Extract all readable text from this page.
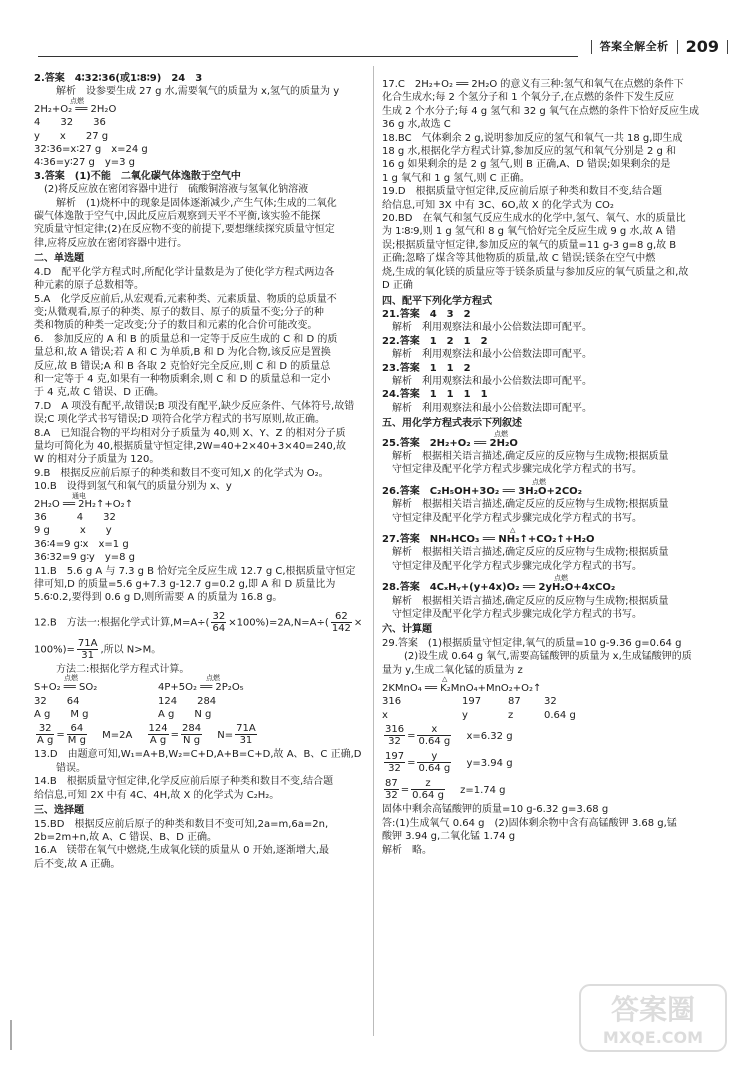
答案全解全析 209
2.答案　4∶32∶36(或1∶8∶9)　24　3
解析　设参要生成 27 g 水,需要氧气的质量为 x,氢气的质量为 y
2H₂+O₂ ══ 2H₂O
点燃
4　　32　　36
y　　x　　27 g
32∶36=x∶27 g　x=24 g
4∶36=y∶27 g　y=3 g
3.答案　(1)不能　二氧化碳气体逸散于空气中
(2)将反应放在密闭容器中进行　硫酸铜溶液与氢氧化钠溶液
解析　(1)烧杯中的现象是固体逐渐减少,产生气体;生成的二氧化
碳气体逸散于空气中,因此反应后观察到天平不平衡,该实验不能探
究质量守恒定律;(2)在反应物不变的前提下,要想继续探究质量守恒定
律,应将反应放在密闭容器中进行。
二、单选题
4.D　配平化学方程式时,所配化学计量数是为了使化学方程式两边各
种元素的原子总数相等。
5.A　化学反应前后,从宏观看,元素种类、元素质量、物质的总质量不
变;从微观看,原子的种类、原子的数目、原子的质量不变;分子的种
类和物质的种类一定改变;分子的数目和元素的化合价可能改变。
6.　参加反应的 A 和 B 的质量总和一定等于反应生成的 C 和 D 的质
量总和,故 A 错误;若 A 和 C 为单质,B 和 D 为化合物,该反应是置换
反应,故 B 错误;A 和 B 各取 2 克恰好完全反应,则 C 和 D 的质量总
和一定等于 4 克,如果有一种物质剩余,则 C 和 D 的质量总和一定小
于 4 克,故 C 错误、D 正确。
7.D　A 项没有配平,故错误;B 项没有配平,缺少反应条件、气体符号,故错
误;C 项化学式书写错误;D 项符合化学方程式的书写原则,故正确。
8.A　已知混合物的平均相对分子质量为 40,则 X、Y、Z 的相对分子质
量均可简化为 40,根据质量守恒定律,2W=40+2×40+3×40=240,故
W 的相对分子质量为 120。
9.B　根据反应前后原子的种类和数目不变可知,X 的化学式为 O₂。
10.B　设得到氢气和氧气的质量分别为 x、y
2H₂O ══ 2H₂↑+O₂↑
通电
36　　　4　　32
9 g　　　x　　y
36∶4=9 g∶x　x=1 g
36∶32=9 g∶y　y=8 g
11.B　5.6 g A 与 7.3 g B 恰好完全反应生成 12.7 g C,根据质量守恒定
律可知,D 的质量=5.6 g+7.3 g-12.7 g=0.2 g,即 A 和 D 质量比为
5.6∶0.2,要得到 0.6 g D,则所需要 A 的质量为 16.8 g。
12.B　方法一:根据化学式计算$,M=A\div( \frac{32}{64} \times 100\%)=2A,N=A\div( \frac{62}{142}$ ×
$100\%)= \frac{71A}{31}$ ,所以 N>M。
方法二:根据化学方程式计算。
S+O₂ ══ SO₂
点燃
4P+5O₂ ══ 2P₂O₅
点燃
32　　64	124　　284
A g　　M g	A g　　N g
$\frac{32}{\text{A g}} = \frac{64}{\text{M g}} M=2A \frac{124}{\text{A g}} = \frac{284}{\text{N g}} N= \frac{71A}{31}$
13.D　由题意可知,W₁=A+B,W₂=C+D,A+B=C+D,故 A、B、C 正确,D
错误。
14.B　根据质量守恒定律,化学反应前后原子种类和数目不变,结合题
给信息,可知 2X 中有 4C、4H,故 X 的化学式为 C₂H₂。
三、选择题
15.BD　根据反应前后原子的种类和数目不变可知,2a=m,6a=2n,
2b=2m+n,故 A、C 错误、B、D 正确。
16.A　镁带在氧气中燃烧,生成氧化镁的质量从 0 开始,逐渐增大,最
后不变,故 A 正确。
17.C　2H₂+O₂ ══ 2H₂O 的意义有三种:氢气和氧气在点燃的条件下
化合生成水;每 2 个氢分子和 1 个氧分子,在点燃的条件下发生反应
生成 2 个水分子;每 4 g 氢气和 32 g 氧气在点燃的条件下恰好反应生成
36 g 水,故选 C
18.BC　气体剩余 2 g,说明参加反应的氢气和氧气一共 18 g,即生成
18 g 水,根据化学方程式计算,参加反应的氢气和氧气分别是 2 g 和
16 g 如果剩余的是 2 g 氢气,则 B 正确,A、D 错误;如果剩余的是
1 g 氧气和 1 g 氢气,则 C 正确。
19.D　根据质量守恒定律,反应前后原子种类和数目不变,结合题
给信息,可知 3X 中有 3C、6O,故 X 的化学式为 CO₂
20.BD　在氧气和氢气反应生成水的化学中,氢气、氧气、水的质量比
为 1∶8∶9,则 1 g 氢气和 8 g 氧气恰好完全反应生成 9 g 水,故 A 错
误;根据质量守恒定律,参加反应的氧气的质量=11 g-3 g=8 g,故 B
正确;忽略了煤含等其他物质的质量,故 C 错误;镁条在空气中燃
烧,生成的氧化镁的质量应等于镁条质量与参加反应的氧气质量之和,故
D 正确
四、配平下列化学方程式
21.答案　4　3　2
解析　利用观察法和最小公倍数法即可配平。
22.答案　1　2　1　2
解析　利用观察法和最小公倍数法即可配平。
23.答案　1　1　2
解析　利用观察法和最小公倍数法即可配平。
24.答案　1　1　1　1
解析　利用观察法和最小公倍数法即可配平。
五、用化学方程式表示下列叙述
25.答案　2H₂+O₂ ══ 2H₂O
点燃
解析　根据相关语言描述,确定反应的反应物与生成物;根据质量
守恒定律及配平化学方程式步骤完成化学方程式的书写。
26.答案　C₂H₅OH+3O₂ ══ 3H₂O+2CO₂
点燃
解析　根据相关语言描述,确定反应的反应物与生成物;根据质量
守恒定律及配平化学方程式步骤完成化学方程式的书写。
27.答案　NH₄HCO₃ ══ NH₃↑+CO₂↑+H₂O
△
解析　根据相关语言描述,确定反应的反应物与生成物;根据质量
守恒定律及配平化学方程式步骤完成化学方程式的书写。
28.答案　4CₓHᵧ+(y+4x)O₂ ══ 2yH₂O+4xCO₂
点燃
解析　根据相关语言描述,确定反应的反应物与生成物;根据质量
守恒定律及配平化学方程式步骤完成化学方程式的书写。
六、计算题
29.答案　(1)根据质量守恒定律,氧气的质量=10 g-9.36 g=0.64 g
(2)设生成 0.64 g 氧气,需要高锰酸钾的质量为 x,生成锰酸钾的质
量为 y,生成二氧化锰的质量为 z
2KMnO₄ ══ K₂MnO₄+MnO₂+O₂↑
△
316	197	87	32
x	y	z	0.64 g
$\frac{316}{32} = \frac{x}{0.64 g} x=6.32$ g
$\frac{197}{32} = \frac{y}{0.64 g} y=3.94$ g
$\frac{87}{32} = \frac{z}{0.64 g} z=1.74$ g
固体中剩余高锰酸钾的质量=10 g-6.32 g=3.68 g
答:(1)生成氧气 0.64 g　(2)固体剩余物中含有高锰酸钾 3.68 g,锰
酸钾 3.94 g,二氧化锰 1.74 g
解析　略。
答案圈
MXQE.COM
